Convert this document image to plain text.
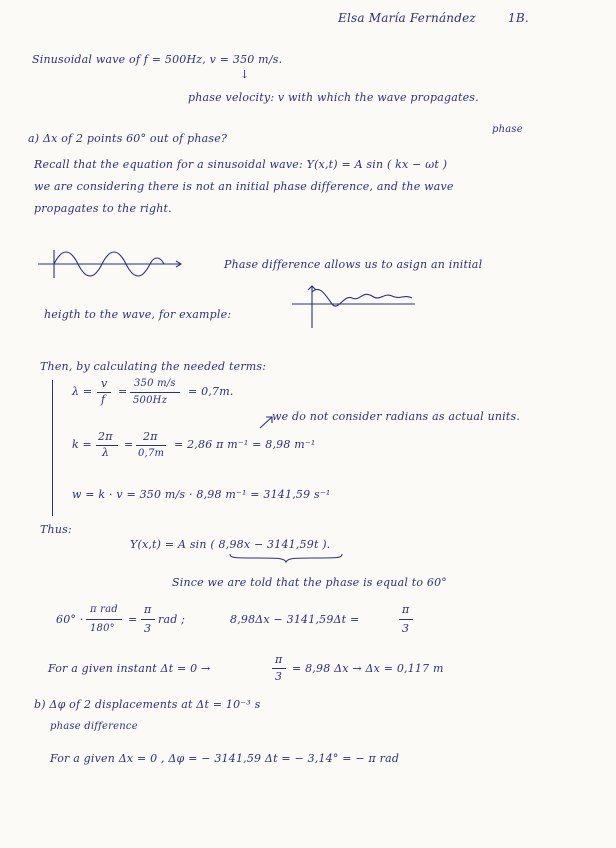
Elsa María Fernández	1B.
Sinusoidal wave of f = 500Hz, v = 350 m/s.
↓
phase velocity: v with which the wave propagates.
a) Δx of 2 points 60° out of phase?
phase
Recall that the equation for a sinusoidal wave: Y(x,t) = A sin ( kx − ωt )
we are considering there is not an initial phase difference, and the wave
propagates to the right.
Phase difference allows us to asign an initial
heigth to the wave, for example:
Then, by calculating the needed terms:
λ =
v
f
=
350 m/s
500Hz
= 0,7m.
we do not consider radians as actual units.
k =
2π
λ
=
2π
0,7m
= 2,86 π m⁻¹ = 8,98 m⁻¹
w = k · v = 350 m/s · 8,98 m⁻¹ = 3141,59 s⁻¹
Thus:
Y(x,t) = A sin ( 8,98x − 3141,59t ).
Since we are told that the phase is equal to 60°
60° ·
π rad
180°
=
π
3
rad ;	8,98Δx − 3141,59Δt =
π
3
For a given instant Δt = 0 →
π
3
= 8,98 Δx → Δx = 0,117 m
b) Δφ of 2 displacements at Δt = 10⁻³ s
phase difference
For a given Δx = 0 , Δφ = − 3141,59 Δt = − 3,14° = − π rad
